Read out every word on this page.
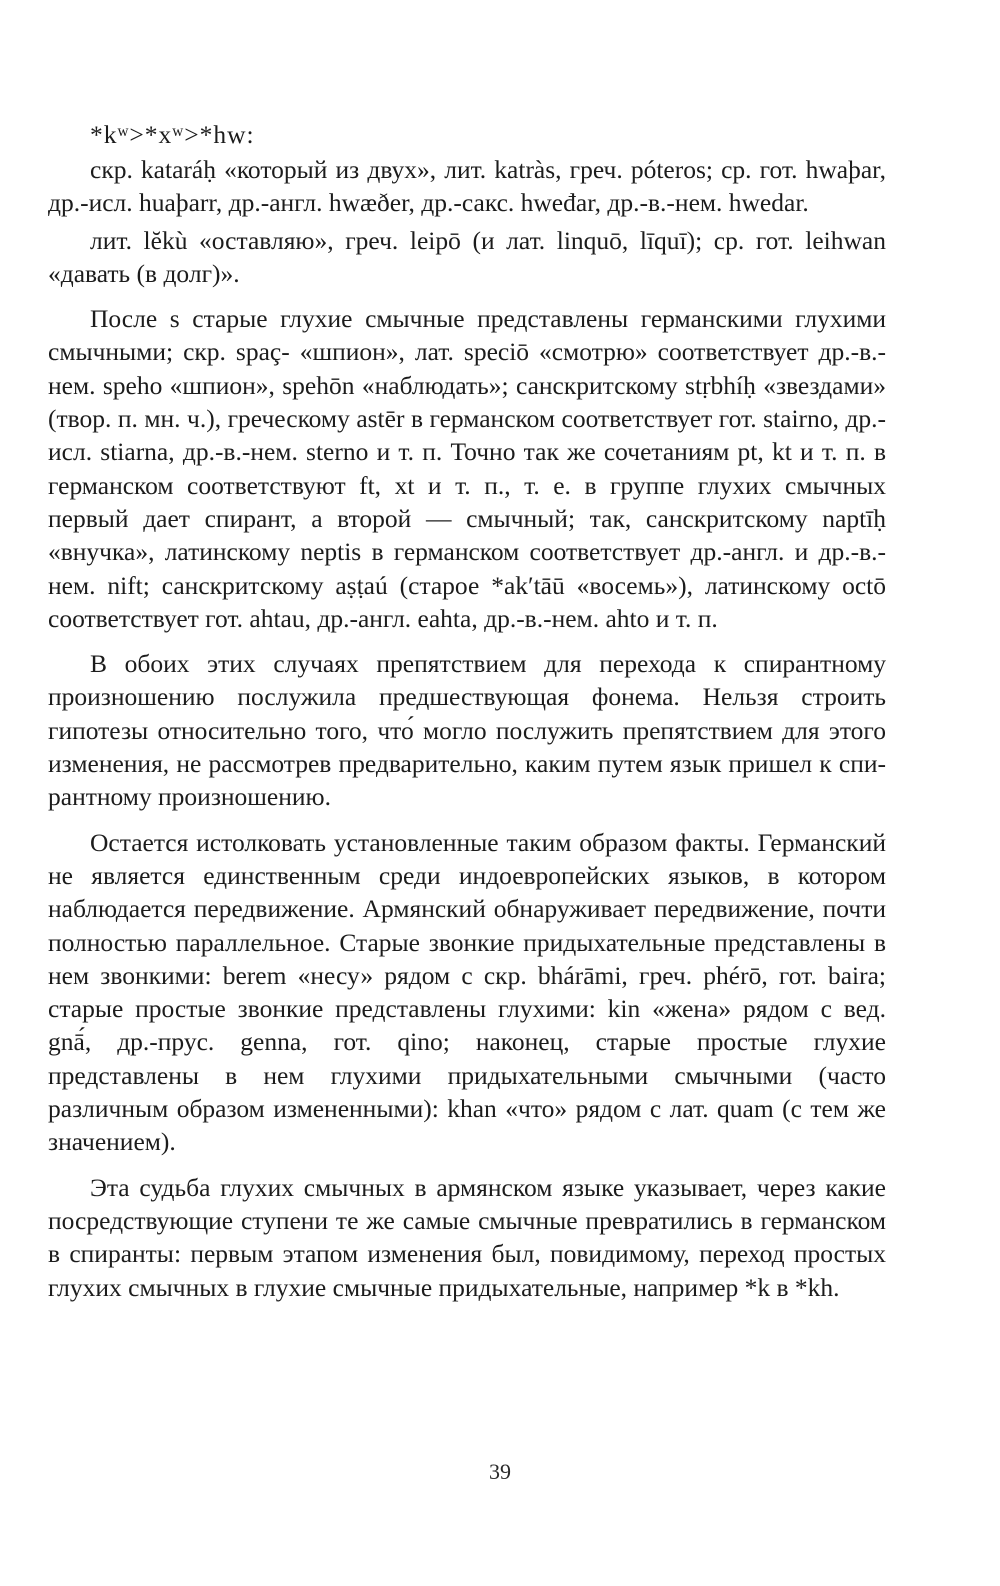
*kʷ>*xʷ>*hw:

скр. kataráḥ «который из двух», лит. katràs, греч. póteros; ср. гот. hwaþar, др.-исл. huaþarr, др.-англ. hwæðer, др.-сакс. hweđar, др.-в.-нем. hwedar.

лит. lĕkù «оставляю», греч. leipō (и лат. linquō, līquī); ср. гот. leihwan «давать (в долг)».

После s старые глухие смычные представлены германскими глухими смычными; скр. spaç- «шпион», лат. speciō «смотрю» соответствует др.-в.-нем. speho «шпион», spehōn «наблюдать»; санскритскому stṛbhíḥ «звездами» (твор. п. мн. ч.), греческому astēr в германском соответствует гот. stairno, др.-исл. stiarna, др.-в.-нем. sterno и т. п. Точно так же сочетаниям pt, kt и т. п. в германском соответствуют ft, xt и т. п., т. е. в группе глухих смычных первый дает спирант, а второй — смычный; так, санскритскому naptīḥ «внучка», латинскому neptis в германском соответствует др.-англ. и др.-в.-нем. nift; санскритскому aṣṭaú (старое *ak′tāū «восемь»), латинскому octō соответствует гот. ahtau, др.-англ. eahta, др.-в.-нем. ahto и т. п.

В обоих этих случаях препятствием для перехода к спирантному произношению послужила предшествующая фонема. Нельзя строить гипотезы относительно того, что́ могло послужить препятствием для этого изменения, не рассмотрев предварительно, каким путем язык пришел к спирантному произношению.

Остается истолковать установленные таким образом факты. Германский не является единственным среди индоевропейских языков, в котором наблюдается передвижение. Армянский обнаруживает передвижение, почти полностью параллельное. Старые звонкие придыхательные представлены в нем звонкими: berem «несу» рядом с скр. bhárāmi, греч. phérō, гот. baira; старые простые звонкие представлены глухими: kin «жена» рядом с вед. gnā́, др.-прус. genna, гот. qino; наконец, старые простые глухие представлены в нем глухими придыхательными смычными (часто различным образом измененными): khan «что» рядом с лат. quam (с тем же значением).

Эта судьба глухих смычных в армянском языке указывает, через какие посредствующие ступени те же самые смычные превратились в германском в спиранты: первым этапом изменения был, повидимому, переход простых глухих смычных в глухие смычные придыхательные, например *k в *kh.

39
